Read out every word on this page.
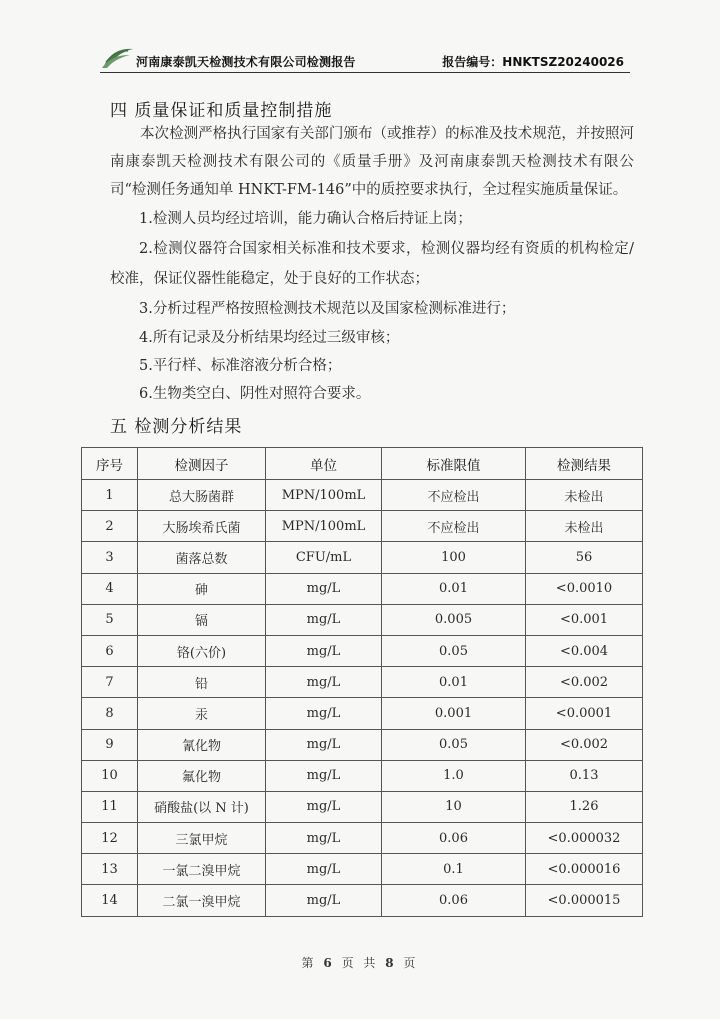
河南康泰凯天检测技术有限公司检测报告	报告编号：HNKTSZ20240026
四 质量保证和质量控制措施

本次检测严格执行国家有关部门颁布（或推荐）的标准及技术规范，并按照河南康泰凯天检测技术有限公司的《质量手册》及河南康泰凯天检测技术有限公司“检测任务通知单 HNKT-FM-146”中的质控要求执行，全过程实施质量保证。

1.检测人员均经过培训，能力确认合格后持证上岗；

2.检测仪器符合国家相关标准和技术要求，检测仪器均经有资质的机构检定/校准，保证仪器性能稳定，处于良好的工作状态；

3.分析过程严格按照检测技术规范以及国家检测标准进行；
4.所有记录及分析结果均经过三级审核；
5.平行样、标准溶液分析合格；
6.生物类空白、阴性对照符合要求。
五 检测分析结果
序号	检测因子	单位	标准限值	检测结果
1	总大肠菌群	MPN/100mL	不应检出	未检出
2	大肠埃希氏菌	MPN/100mL	不应检出	未检出
3	菌落总数	CFU/mL	100	56
4	砷	mg/L	0.01	<0.0010
5	镉	mg/L	0.005	<0.001
6	铬(六价)	mg/L	0.05	<0.004
7	铅	mg/L	0.01	<0.002
8	汞	mg/L	0.001	<0.0001
9	氰化物	mg/L	0.05	<0.002
10	氟化物	mg/L	1.0	0.13
11	硝酸盐(以 N 计)	mg/L	10	1.26
12	三氯甲烷	mg/L	0.06	<0.000032
13	一氯二溴甲烷	mg/L	0.1	<0.000016
14	二氯一溴甲烷	mg/L	0.06	<0.000015
第 6 页 共 8 页
